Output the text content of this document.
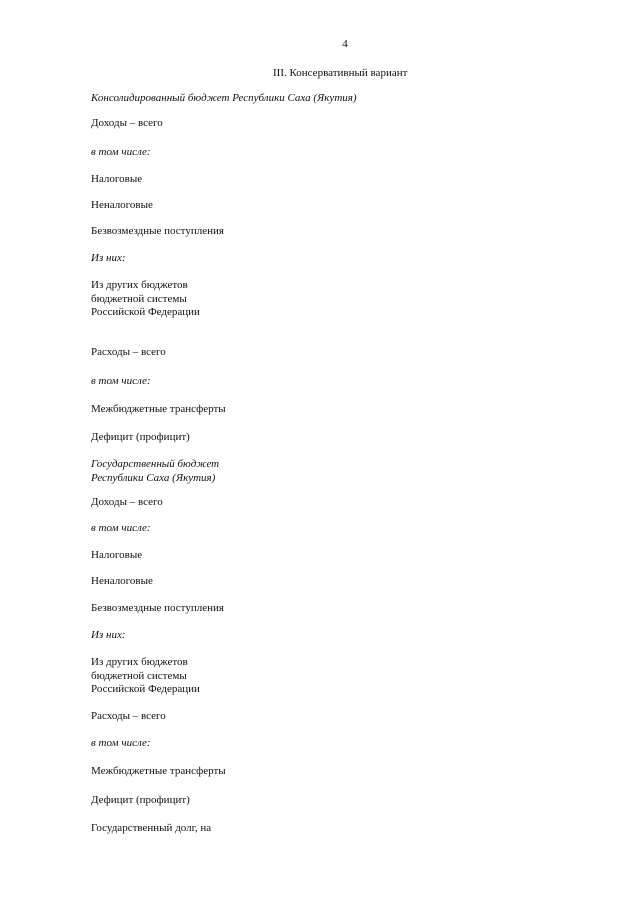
4
III. Консервативный вариант
Консолидированный бюджет Республики Саха (Якутия)
Доходы – всего
в том числе:
Налоговые
Неналоговые
Безвозмездные поступления
Из них:
Из других бюджетов
бюджетной системы
Российской Федерации
Расходы – всего
в том числе:
Межбюджетные трансферты
Дефицит (профицит)
Государственный бюджет
Республики Саха (Якутия)
Доходы – всего
в том числе:
Налоговые
Неналоговые
Безвозмездные поступления
Из них:
Из других бюджетов
бюджетной системы
Российской Федерации
Расходы – всего
в том числе:
Межбюджетные трансферты
Дефицит (профицит)
Государственный долг, на
